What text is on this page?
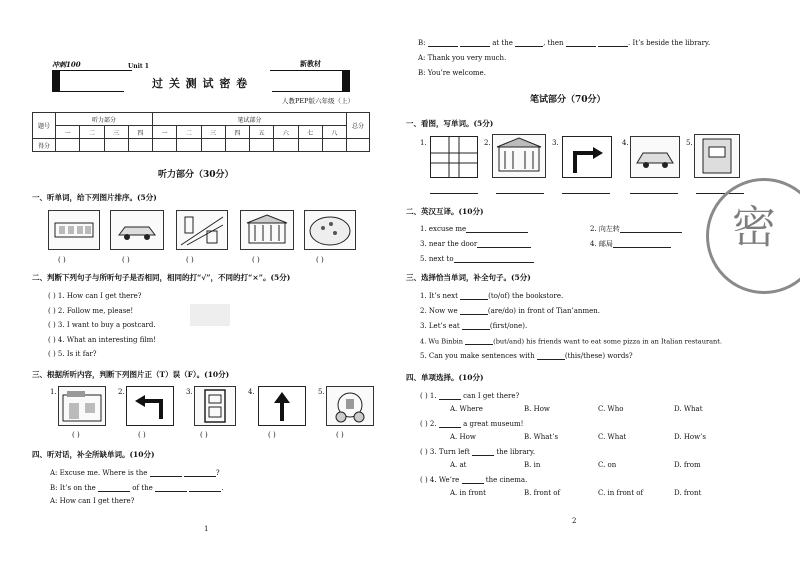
冲刺100	Unit 1	新教材
过 关 测 试 密 卷
人教PEP版六年级（上）
题号	听力部分				笔试部分								总分
	一	二	三	四	一	二	三	四	五	六	七	八	
得分													
听力部分（30分）
一、听单词，给下列图片排序。(5分)
( )	( )	( )	( )	( )
二、判断下列句子与所听句子是否相同，相同的打“√”，不同的打“×”。(5分)
( ) 1. How can I get there?
( ) 2. Follow me, please!
( ) 3. I want to buy a postcard.
( ) 4. What an interesting film!
( ) 5. Is it far?
三、根据所听内容，判断下列图片正（T）误（F）。(10分)
1.	2.	3.	4.	5.
( )	( )	( )	( )	( )
四、听对话，补全所缺单词。(10分)
A: Excuse me. Where is the	?
B: It’s on the	of the	.
A: How can I get there?
1
B:	at the	, then	. It’s beside the library.
A: Thank you very much.
B: You’re welcome.
笔试部分（70分）
一、看图，写单词。(5分)
1.	2.	3.	4.	5.
二、英汉互译。(10分)
1. excuse me	2. 向左转
3. near the door	4. 邮局
5. next to
三、选择恰当单词，补全句子。(5分)
1. It’s next	(to/of) the bookstore.
2. Now we	(are/do) in front of Tian’anmen.
3. Let’s eat	(first/one).
4. Wu Binbin	(but/and) his friends want to eat some pizza in an Italian restaurant.
5. Can you make sentences with	(this/these) words?
四、单项选择。(10分)
( ) 1.	can I get there?
A. Where	B. How	C. Who	D. What
( ) 2.	a great museum!
A. How	B. What’s	C. What	D. How’s
( ) 3. Turn left	the library.
A. at	B. in	C. on	D. from
( ) 4. We’re	the cinema.
A. in front	B. front of	C. in front of	D. front
2
密
